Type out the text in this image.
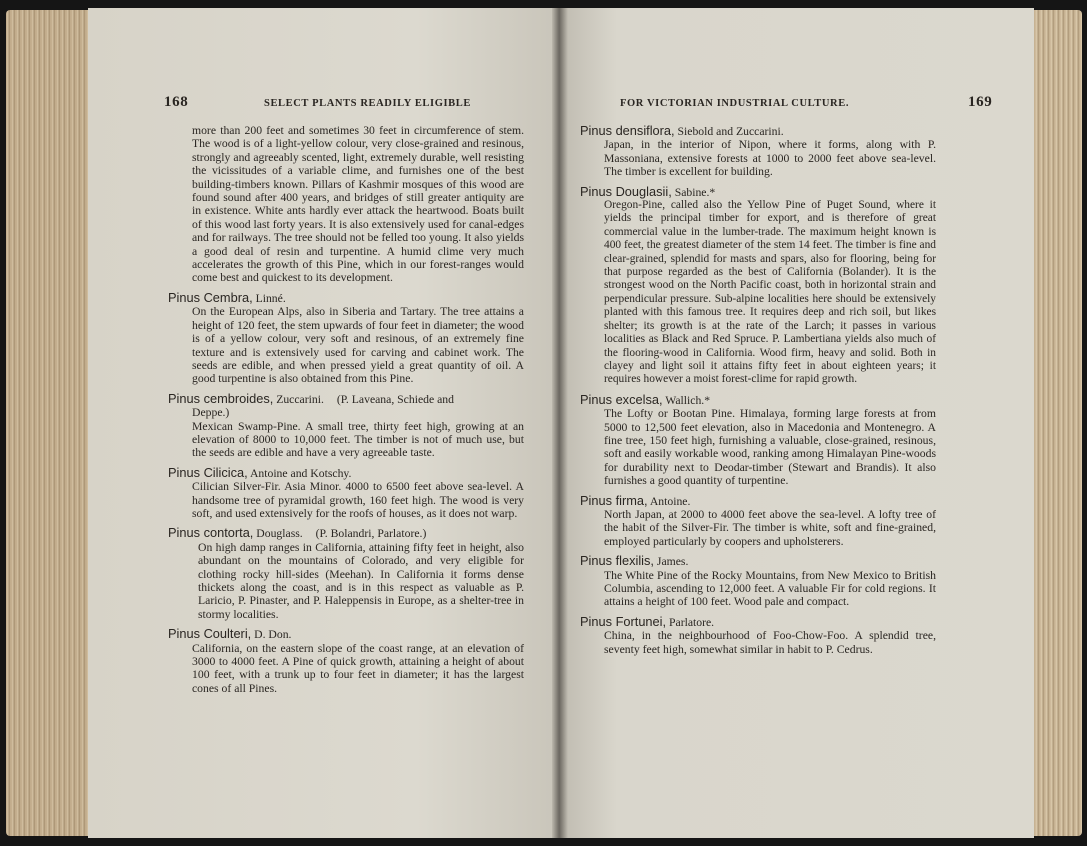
168	SELECT PLANTS READILY ELIGIBLE

more than 200 feet and sometimes 30 feet in circumference of stem. The wood is of a light-yellow colour, very close-grained and resinous, strongly and agreeably scented, light, extremely durable, well resisting the vicissitudes of a variable clime, and furnishes one of the best building-timbers known. Pillars of Kashmir mosques of this wood are found sound after 400 years, and bridges of still greater antiquity are in existence. White ants hardly ever attack the heartwood. Boats built of this wood last forty years. It is also extensively used for canal-edges and for railways. The tree should not be felled too young. It also yields a good deal of resin and turpentine. A humid clime very much accelerates the growth of this Pine, which in our forest-ranges would come best and quickest to its development.

Pinus Cembra, Linné.

On the European Alps, also in Siberia and Tartary. The tree attains a height of 120 feet, the stem upwards of four feet in diameter; the wood is of a yellow colour, very soft and resinous, of an extremely fine texture and is extensively used for carving and cabinet work. The seeds are edible, and when pressed yield a great quantity of oil. A good turpentine is also obtained from this Pine.

Pinus cembroides, Zuccarini. (P. Laveana, Schiede and

Deppe.)

Mexican Swamp-Pine. A small tree, thirty feet high, growing at an elevation of 8000 to 10,000 feet. The timber is not of much use, but the seeds are edible and have a very agreeable taste.

Pinus Cilicica, Antoine and Kotschy.

Cilician Silver-Fir. Asia Minor. 4000 to 6500 feet above sea-level. A handsome tree of pyramidal growth, 160 feet high. The wood is very soft, and used extensively for the roofs of houses, as it does not warp.

Pinus contorta, Douglass. (P. Bolandri, Parlatore.)

On high damp ranges in California, attaining fifty feet in height, also abundant on the mountains of Colorado, and very eligible for clothing rocky hill-sides (Meehan). In California it forms dense thickets along the coast, and is in this respect as valuable as P. Laricio, P. Pinaster, and P. Haleppensis in Europe, as a shelter-tree in stormy localities.

Pinus Coulteri, D. Don.

California, on the eastern slope of the coast range, at an elevation of 3000 to 4000 feet. A Pine of quick growth, attaining a height of about 100 feet, with a trunk up to four feet in diameter; it has the largest cones of all Pines.

FOR VICTORIAN INDUSTRIAL CULTURE.	169

Pinus densiflora, Siebold and Zuccarini.

Japan, in the interior of Nipon, where it forms, along with P. Massoniana, extensive forests at 1000 to 2000 feet above sea-level. The timber is excellent for building.

Pinus Douglasii, Sabine.*

Oregon-Pine, called also the Yellow Pine of Puget Sound, where it yields the principal timber for export, and is therefore of great commercial value in the lumber-trade. The maximum height known is 400 feet, the greatest diameter of the stem 14 feet. The timber is fine and clear-grained, splendid for masts and spars, also for flooring, being for that purpose regarded as the best of California (Bolander). It is the strongest wood on the North Pacific coast, both in horizontal strain and perpendicular pressure. Sub-alpine localities here should be extensively planted with this famous tree. It requires deep and rich soil, but likes shelter; its growth is at the rate of the Larch; it passes in various localities as Black and Red Spruce. P. Lambertiana yields also much of the flooring-wood in California. Wood firm, heavy and solid. Both in clayey and light soil it attains fifty feet in about eighteen years; it requires however a moist forest-clime for rapid growth.

Pinus excelsa, Wallich.*

The Lofty or Bootan Pine. Himalaya, forming large forests at from 5000 to 12,500 feet elevation, also in Macedonia and Montenegro. A fine tree, 150 feet high, furnishing a valuable, close-grained, resinous, soft and easily workable wood, ranking among Himalayan Pine-woods for durability next to Deodar-timber (Stewart and Brandis). It also furnishes a good quantity of turpentine.

Pinus firma, Antoine.

North Japan, at 2000 to 4000 feet above the sea-level. A lofty tree of the habit of the Silver-Fir. The timber is white, soft and fine-grained, employed particularly by coopers and upholsterers.

Pinus flexilis, James.

The White Pine of the Rocky Mountains, from New Mexico to British Columbia, ascending to 12,000 feet. A valuable Fir for cold regions. It attains a height of 100 feet. Wood pale and compact.

Pinus Fortunei, Parlatore.

China, in the neighbourhood of Foo-Chow-Foo. A splendid tree, seventy feet high, somewhat similar in habit to P. Cedrus.
